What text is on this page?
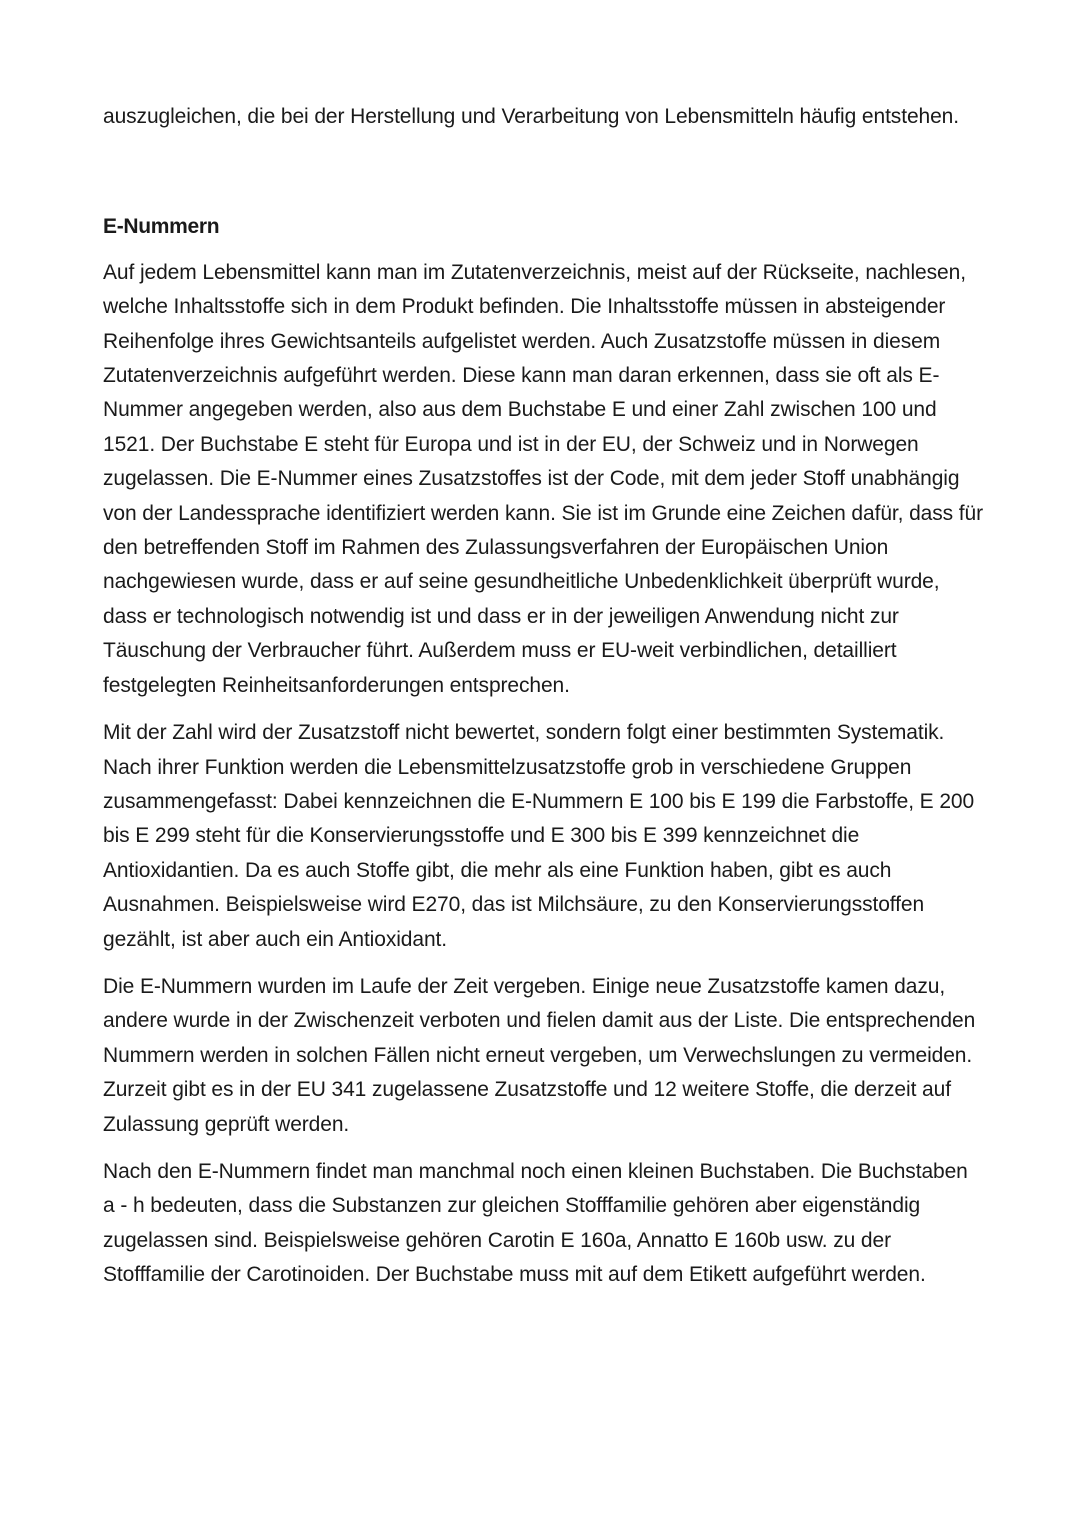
auszugleichen, die bei der Herstellung und Verarbeitung von Lebensmitteln häufig entstehen.

E-Nummern

Auf jedem Lebensmittel kann man im Zutatenverzeichnis, meist auf der Rückseite, nachlesen, welche Inhaltsstoffe sich in dem Produkt befinden. Die Inhaltsstoffe müssen in absteigender Reihenfolge ihres Gewichtsanteils aufgelistet werden. Auch Zusatzstoffe müssen in diesem Zutatenverzeichnis aufgeführt werden. Diese kann man daran erkennen, dass sie oft als E-Nummer angegeben werden, also aus dem Buchstabe E und einer Zahl zwischen 100 und 1521. Der Buchstabe E steht für Europa und ist in der EU, der Schweiz und in Norwegen zugelassen. Die E-Nummer eines Zusatzstoffes ist der Code, mit dem jeder Stoff unabhängig von der Landessprache identifiziert werden kann. Sie ist im Grunde eine Zeichen dafür, dass für den betreffenden Stoff im Rahmen des Zulassungsverfahren der Europäischen Union nachgewiesen wurde, dass er auf seine gesundheitliche Unbedenklichkeit überprüft wurde, dass er technologisch notwendig ist und dass er in der jeweiligen Anwendung nicht zur Täuschung der Verbraucher führt. Außerdem muss er EU-weit verbindlichen, detailliert festgelegten Reinheitsanforderungen entsprechen.

Mit der Zahl wird der Zusatzstoff nicht bewertet, sondern folgt einer bestimmten Systematik. Nach ihrer Funktion werden die Lebensmittelzusatzstoffe grob in verschiedene Gruppen zusammengefasst: Dabei kennzeichnen die E-Nummern E 100 bis E 199 die Farbstoffe, E 200 bis E 299 steht für die Konservierungsstoffe und E 300 bis E 399 kennzeichnet die Antioxidantien. Da es auch Stoffe gibt, die mehr als eine Funktion haben, gibt es auch Ausnahmen. Beispielsweise wird E270, das ist Milchsäure, zu den Konservierungsstoffen gezählt, ist aber auch ein Antioxidant.

Die E-Nummern wurden im Laufe der Zeit vergeben. Einige neue Zusatzstoffe kamen dazu, andere wurde in der Zwischenzeit verboten und fielen damit aus der Liste. Die entsprechenden Nummern werden in solchen Fällen nicht erneut vergeben, um Verwechslungen zu vermeiden. Zurzeit gibt es in der EU 341 zugelassene Zusatzstoffe und 12 weitere Stoffe, die derzeit auf Zulassung geprüft werden.

Nach den E-Nummern findet man manchmal noch einen kleinen Buchstaben. Die Buchstaben a - h bedeuten, dass die Substanzen zur gleichen Stofffamilie gehören aber eigenständig zugelassen sind. Beispielsweise gehören Carotin E 160a, Annatto E 160b usw. zu der Stofffamilie der Carotinoiden. Der Buchstabe muss mit auf dem Etikett aufgeführt werden.
